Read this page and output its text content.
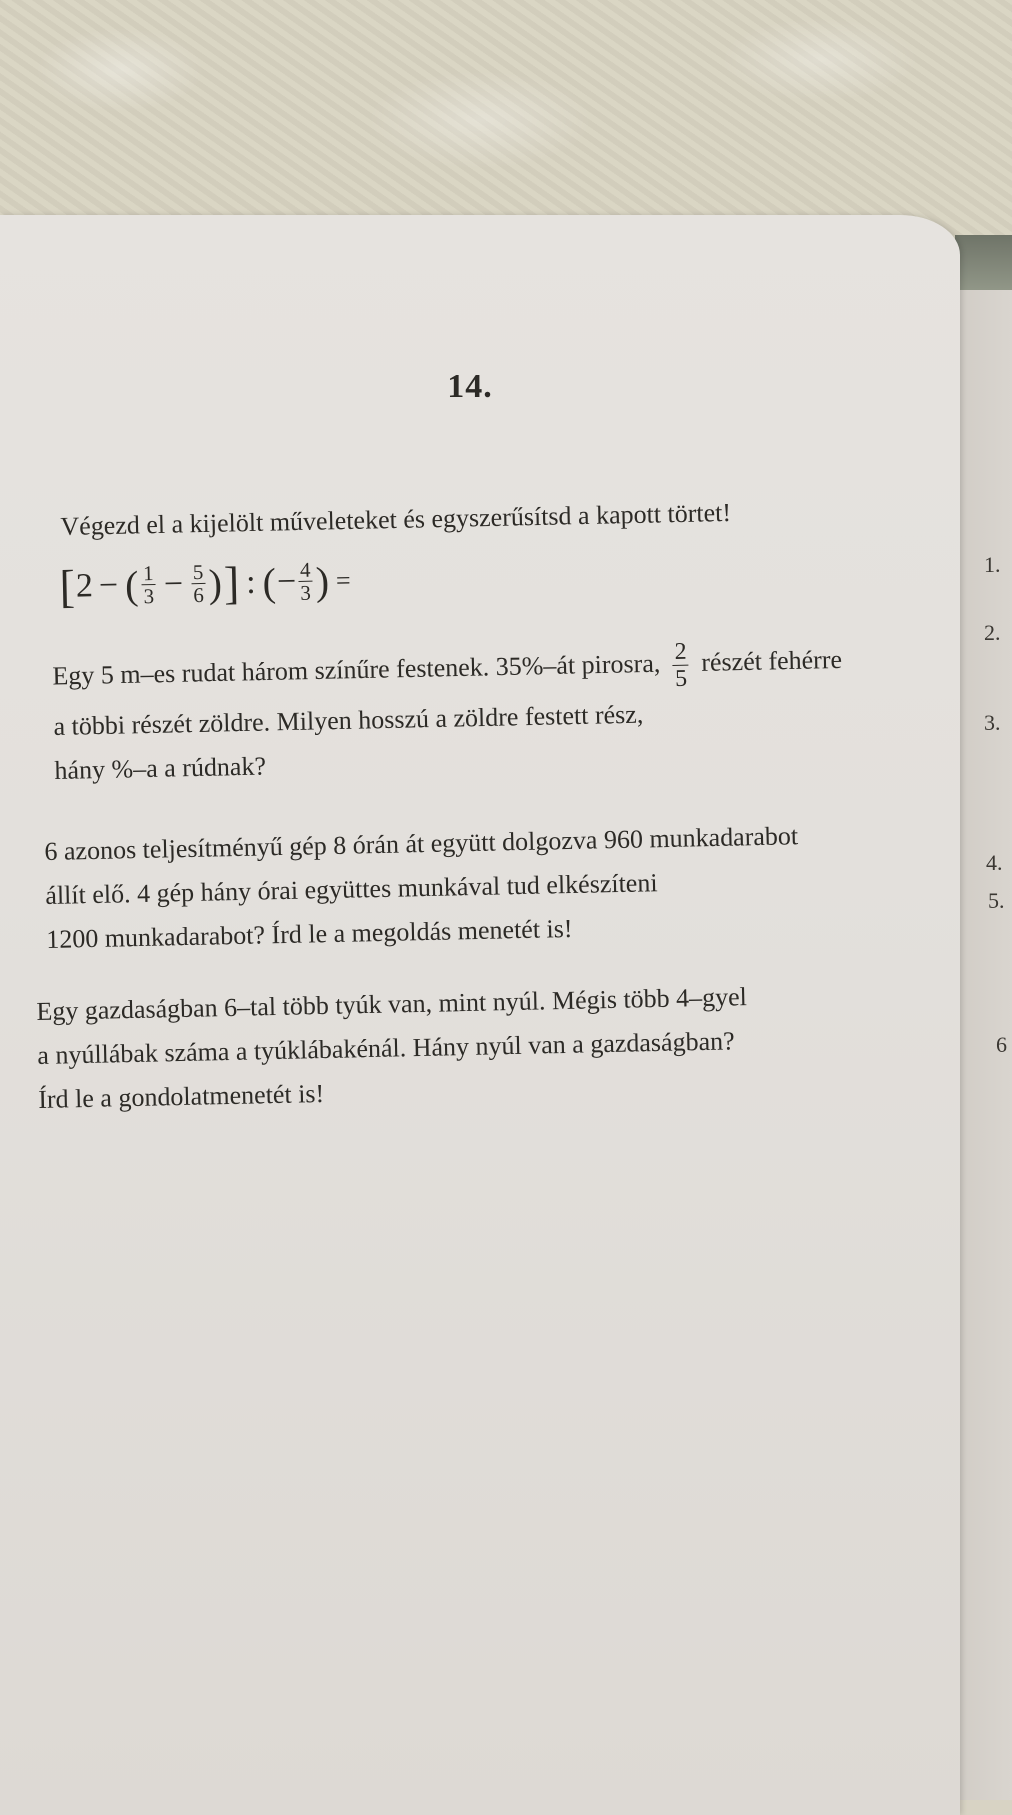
14.

Végezd el a kijelölt műveleteket és egyszerűsítsd a kapott törtet!

[ 2 − ( $\frac{1}{3} - \frac{5}{6}$ ) ] : ( − $\frac{4}{3}$ ) =

Egy 5 m–es rudat három színűre festenek. 35%–át pirosra, $\frac{2}{5}$ részét fehérre

a többi részét zöldre. Milyen hosszú a zöldre festett rész,

hány %–a a rúdnak?

6 azonos teljesítményű gép 8 órán át együtt dolgozva 960 munkadarabot

állít elő. 4 gép hány órai együttes munkával tud elkészíteni

1200 munkadarabot? Írd le a megoldás menetét is!

Egy gazdaságban 6–tal több tyúk van, mint nyúl. Mégis több 4–gyel

a nyúllábak száma a tyúklábakénál. Hány nyúl van a gazdaságban?

Írd le a gondolatmenetét is!

1.
2.
3.
4.
5.
6
